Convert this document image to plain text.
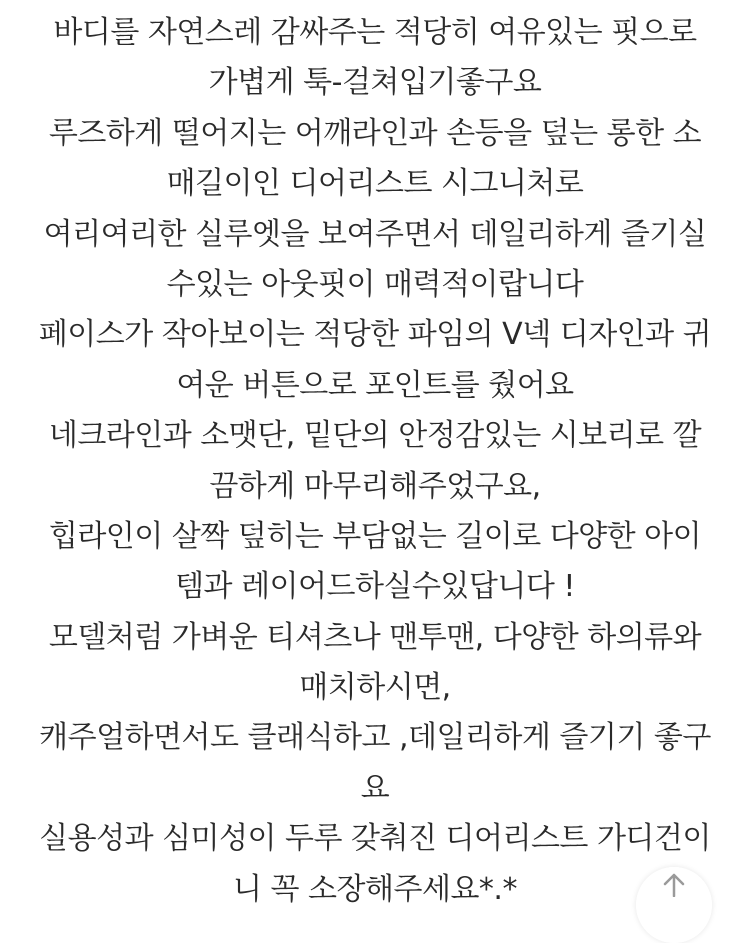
바디를 자연스레 감싸주는 적당히 여유있는 핏으로
가볍게 툭-걸쳐입기좋구요
루즈하게 떨어지는 어깨라인과 손등을 덮는 롱한 소
매길이인 디어리스트 시그니처로
여리여리한 실루엣을 보여주면서 데일리하게 즐기실
수있는 아웃핏이 매력적이랍니다
페이스가 작아보이는 적당한 파임의 V넥 디자인과 귀
여운 버튼으로 포인트를 줬어요
네크라인과 소맷단, 밑단의 안정감있는 시보리로 깔
끔하게 마무리해주었구요,
힙라인이 살짝 덮히는 부담없는 길이로 다양한 아이
템과 레이어드하실수있답니다 !
모델처럼 가벼운 티셔츠나 맨투맨, 다양한 하의류와
매치하시면,
캐주얼하면서도 클래식하고 ,데일리하게 즐기기 좋구
요
실용성과 심미성이 두루 갖춰진 디어리스트 가디건이
니 꼭 소장해주세요*.*
